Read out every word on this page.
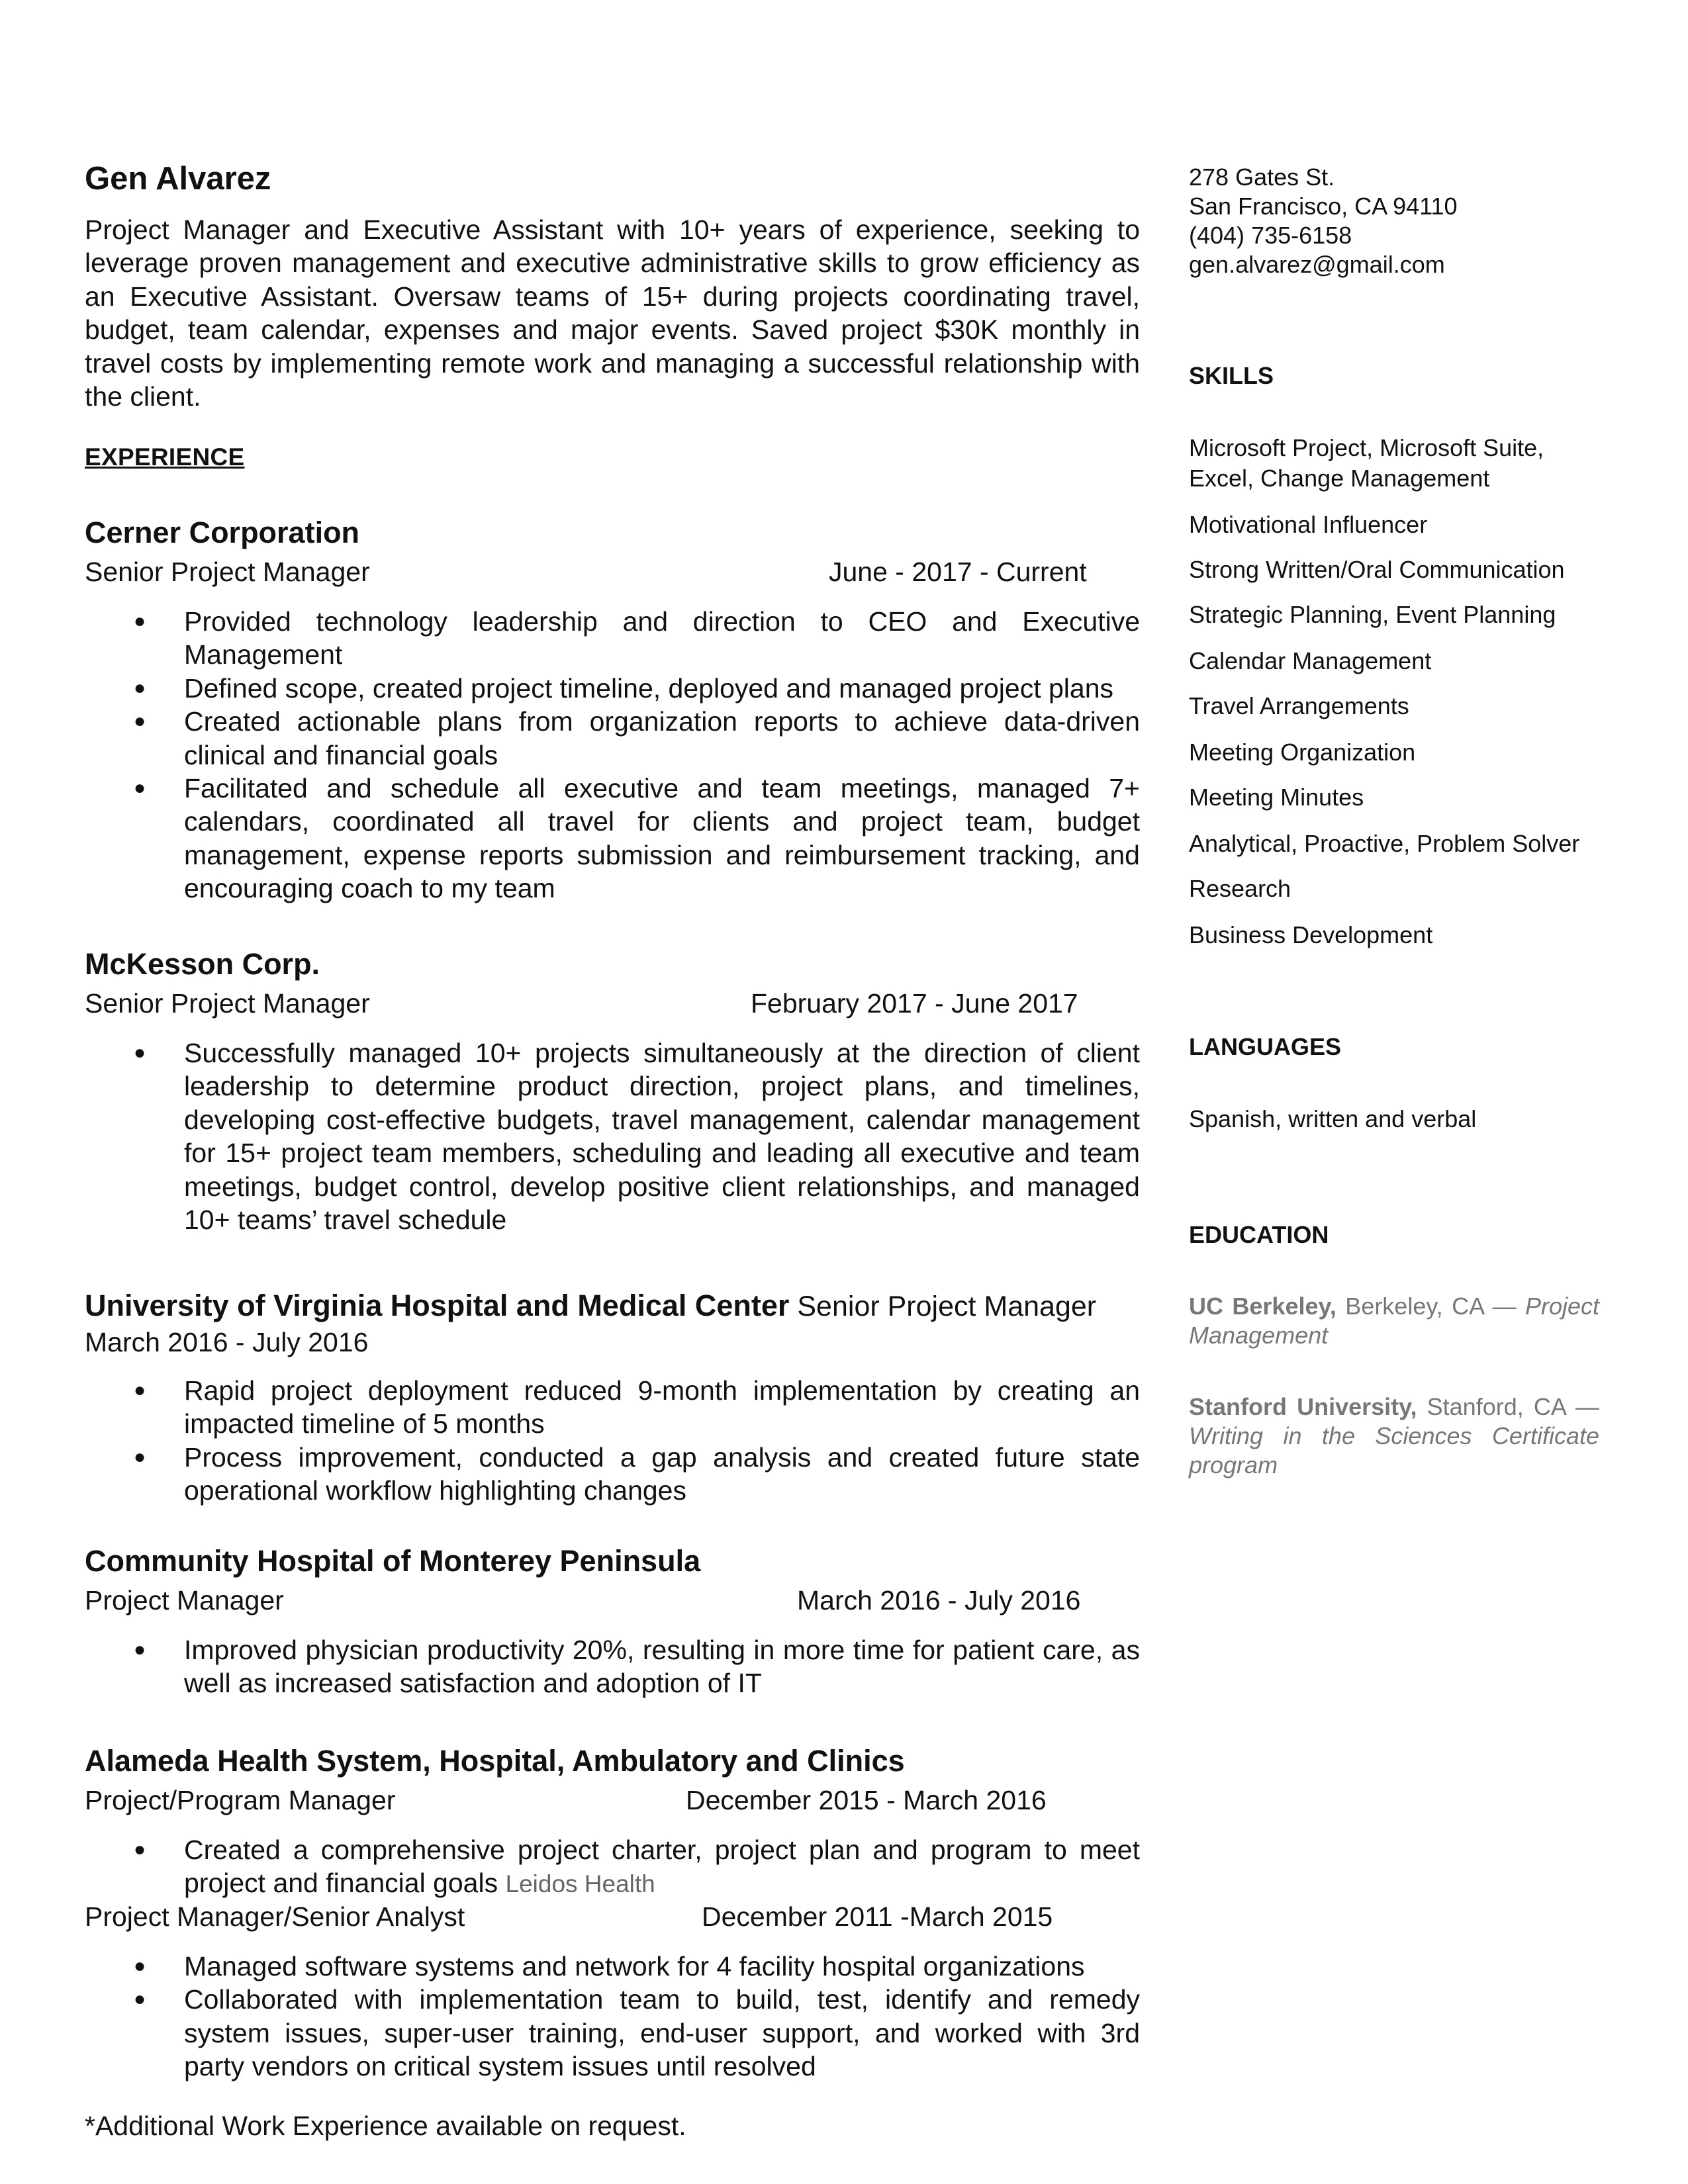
Gen Alvarez

Project Manager and Executive Assistant with 10+ years of experience, seeking to leverage proven management and executive administrative skills to grow efficiency as an Executive Assistant. Oversaw teams of 15+ during projects coordinating travel, budget, team calendar, expenses and major events. Saved project $30K monthly in travel costs by implementing remote work and managing a successful relationship with the client.

EXPERIENCE
Cerner Corporation
Senior Project Manager	June - 2017 - Current
● Provided technology leadership and direction to CEO and Executive Management
● Defined scope, created project timeline, deployed and managed project plans
● Created actionable plans from organization reports to achieve data-driven clinical and financial goals
● Facilitated and schedule all executive and team meetings, managed 7+ calendars, coordinated all travel for clients and project team, budget management, expense reports submission and reimbursement tracking, and encouraging coach to my team
McKesson Corp.
Senior Project Manager	February 2017 - June 2017
● Successfully managed 10+ projects simultaneously at the direction of client leadership to determine product direction, project plans, and timelines, developing cost-effective budgets, travel management, calendar management for 15+ project team members, scheduling and leading all executive and team meetings, budget control, develop positive client relationships, and managed 10+ teams’ travel schedule
University of Virginia Hospital and Medical Center Senior Project Manager
March 2016 - July 2016
● Rapid project deployment reduced 9-month implementation by creating an impacted timeline of 5 months
● Process improvement, conducted a gap analysis and created future state operational workflow highlighting changes
Community Hospital of Monterey Peninsula
Project Manager	March 2016 - July 2016
● Improved physician productivity 20%, resulting in more time for patient care, as well as increased satisfaction and adoption of IT
Alameda Health System, Hospital, Ambulatory and Clinics
Project/Program Manager	December 2015 - March 2016
● Created a comprehensive project charter, project plan and program to meet project and financial goals Leidos Health
Project Manager/Senior Analyst	December 2011 -March 2015
● Managed software systems and network for 4 facility hospital organizations
● Collaborated with implementation team to build, test, identify and remedy system issues, super-user training, end-user support, and worked with 3rd party vendors on critical system issues until resolved
*Additional Work Experience available on request.
278 Gates St.
San Francisco, CA 94110
(404) 735-6158
gen.alvarez@gmail.com
SKILLS
Microsoft Project, Microsoft Suite, Excel, Change Management
Motivational Influencer
Strong Written/Oral Communication
Strategic Planning, Event Planning
Calendar Management
Travel Arrangements
Meeting Organization
Meeting Minutes
Analytical, Proactive, Problem Solver
Research
Business Development
LANGUAGES
Spanish, written and verbal
EDUCATION
UC Berkeley, Berkeley, CA — Project Management
Stanford University, Stanford, CA — Writing in the Sciences Certificate program
